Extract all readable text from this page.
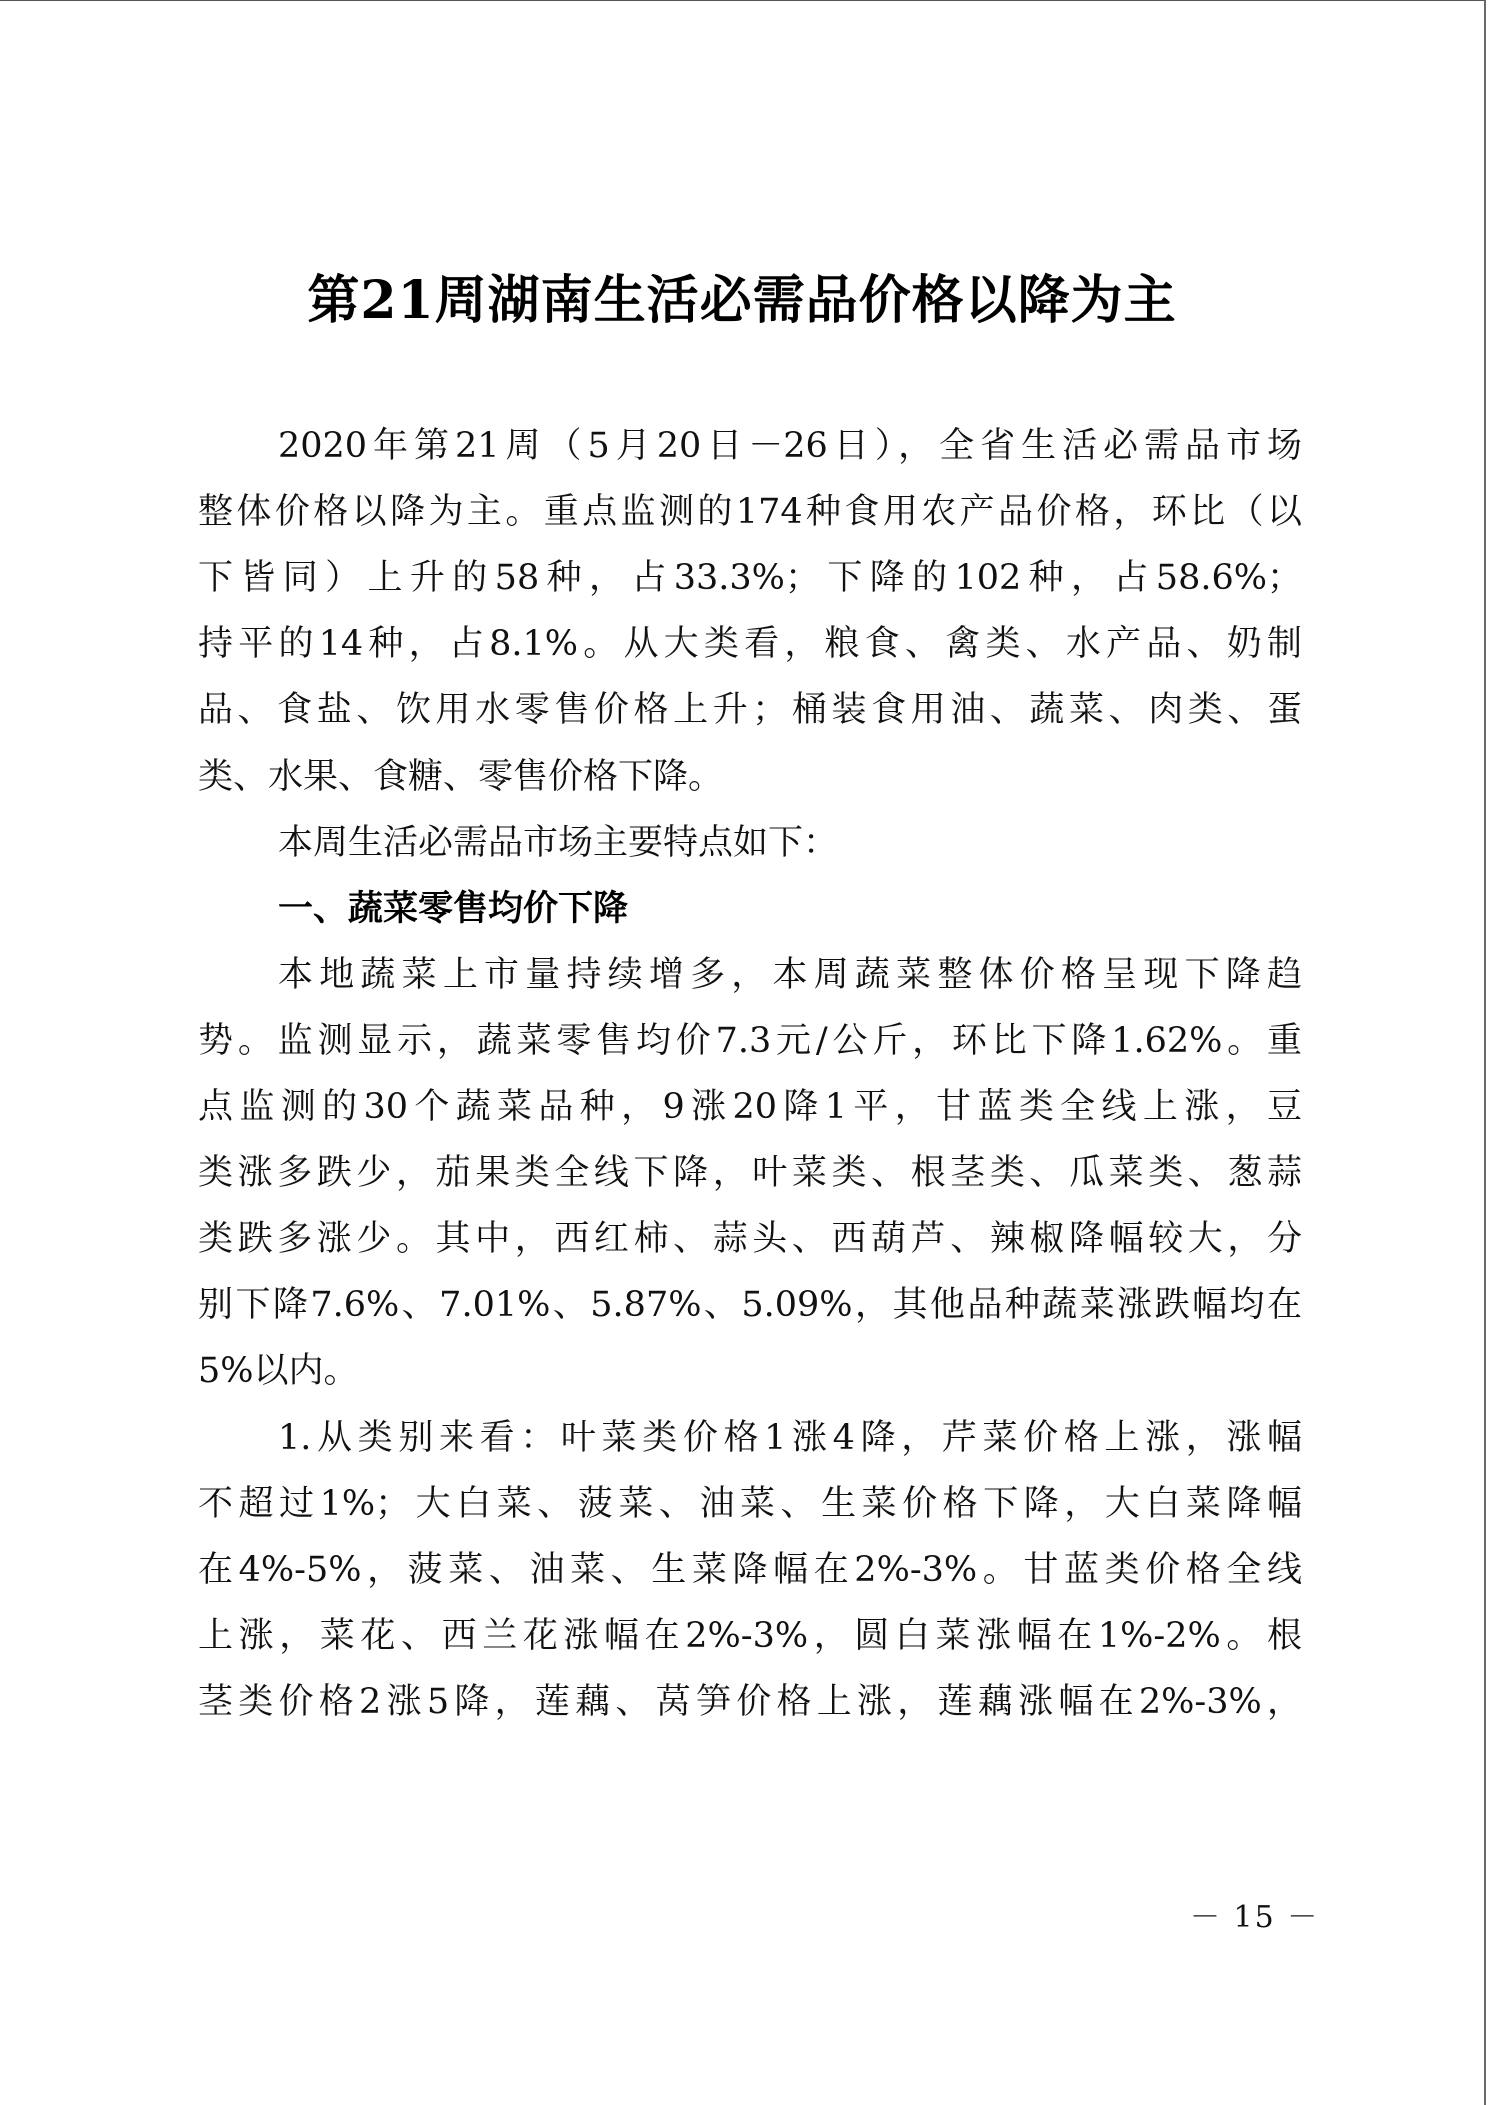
第21周湖南生活必需品价格以降为主
2020年第21周（5月20日－26日），全省生活必需品市场
整体价格以降为主。重点监测的174种食用农产品价格，环比（以
下皆同）上升的58种，占33.3%；下降的102种，占58.6%；
持平的14种，占8.1%。从大类看，粮食、禽类、水产品、奶制
品、食盐、饮用水零售价格上升；桶装食用油、蔬菜、肉类、蛋
类、水果、食糖、零售价格下降。
本周生活必需品市场主要特点如下：
一、蔬菜零售均价下降
本地蔬菜上市量持续增多，本周蔬菜整体价格呈现下降趋
势。监测显示，蔬菜零售均价7.3元/公斤，环比下降1.62%。重
点监测的30个蔬菜品种，9涨20降1平，甘蓝类全线上涨，豆
类涨多跌少，茄果类全线下降，叶菜类、根茎类、瓜菜类、葱蒜
类跌多涨少。其中，西红柿、蒜头、西葫芦、辣椒降幅较大，分
别下降7.6%、7.01%、5.87%、5.09%，其他品种蔬菜涨跌幅均在
5%以内。
1.从类别来看：叶菜类价格1涨4降，芹菜价格上涨，涨幅
不超过1%；大白菜、菠菜、油菜、生菜价格下降，大白菜降幅
在4%-5%，菠菜、油菜、生菜降幅在2%-3%。甘蓝类价格全线
上涨，菜花、西兰花涨幅在2%-3%，圆白菜涨幅在1%-2%。根
茎类价格2涨5降，莲藕、莴笋价格上涨，莲藕涨幅在2%-3%，
－ 15 －
